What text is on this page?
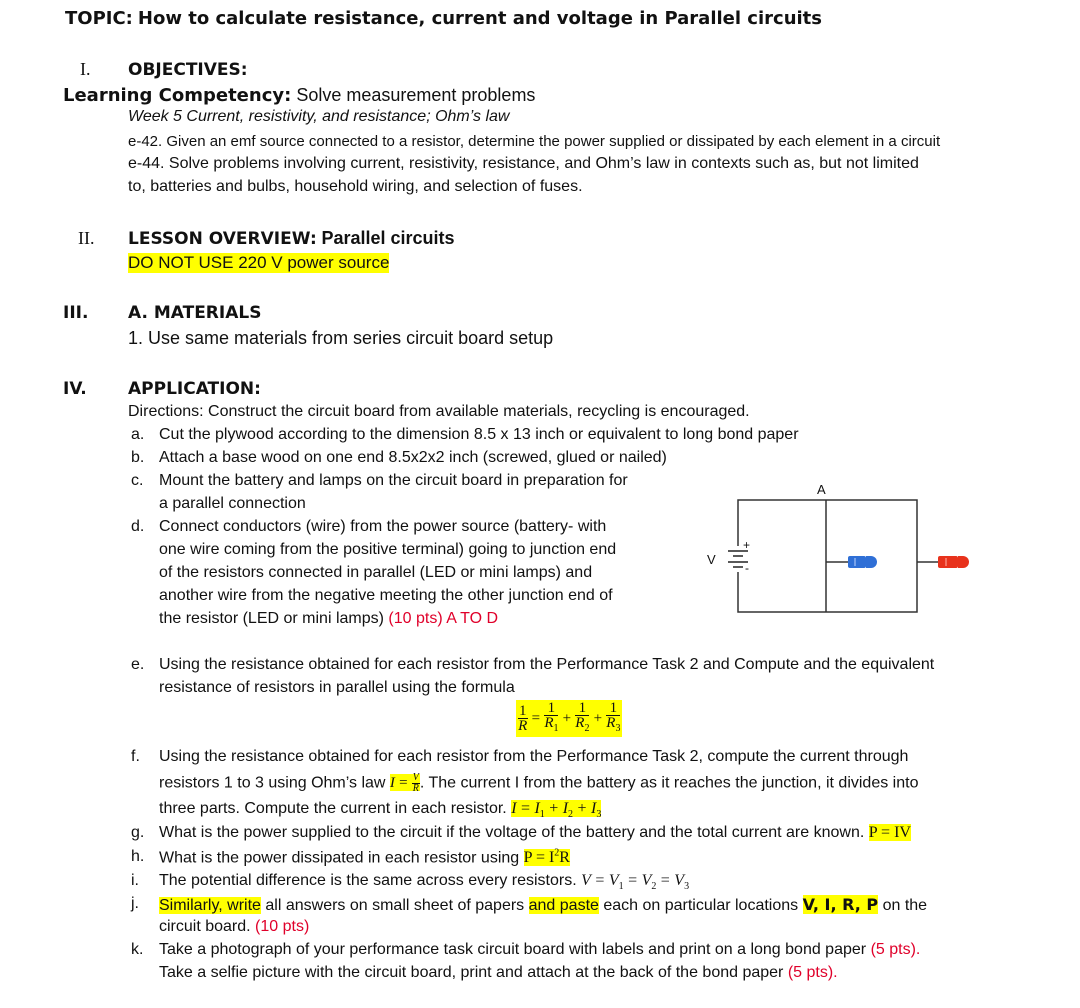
TOPIC: How to calculate resistance, current and voltage in Parallel circuits
I. OBJECTIVES:
Learning Competency: Solve measurement problems
Week 5 Current, resistivity, and resistance; Ohm’s law
e-42. Given an emf source connected to a resistor, determine the power supplied or dissipated by each element in a circuit
e-44. Solve problems involving current, resistivity, resistance, and Ohm’s law in contexts such as, but not limited
to, batteries and bulbs, household wiring, and selection of fuses.
II. LESSON OVERVIEW: Parallel circuits
DO NOT USE 220 V power source
III. A. MATERIALS
1. Use same materials from series circuit board setup
IV. APPLICATION:
Directions: Construct the circuit board from available materials, recycling is encouraged.
a. Cut the plywood according to the dimension 8.5 x 13 inch or equivalent to long bond paper
b. Attach a base wood on one end 8.5x2x2 inch (screwed, glued or nailed)
c. Mount the battery and lamps on the circuit board in preparation for
a parallel connection
d. Connect conductors (wire) from the power source (battery- with
one wire coming from the positive terminal) going to junction end
of the resistors connected in parallel (LED or mini lamps) and
another wire from the negative meeting the other junction end of
the resistor (LED or mini lamps) (10 pts) A TO D
+
-
V
A
e. Using the resistance obtained for each resistor from the Performance Task 2 and Compute and the equivalent
resistance of resistors in parallel using the formula
$\frac{1}{R} = \frac{1}{R_1} + \frac{1}{R_2} + \frac{1}{R_3}$
f. Using the resistance obtained for each resistor from the Performance Task 2, compute the current through
resistors 1 to 3 using Ohm’s law $I = \frac{V}{R}$ . The current I from the battery as it reaches the junction, it divides into
three parts. Compute the current in each resistor. $I = I_1 + I_2 + I_3$
g. What is the power supplied to the circuit if the voltage of the battery and the total current are known. P = IV
h. What is the power dissipated in each resistor using $P = I^2R$
i. The potential difference is the same across every resistors. $V = V_1 = V_2 = V_3$
j. Similarly, write all answers on small sheet of papers and paste each on particular locations V, I, R, P on the
circuit board. (10 pts)
k. Take a photograph of your performance task circuit board with labels and print on a long bond paper (5 pts).
Take a selfie picture with the circuit board, print and attach at the back of the bond paper (5 pts).
